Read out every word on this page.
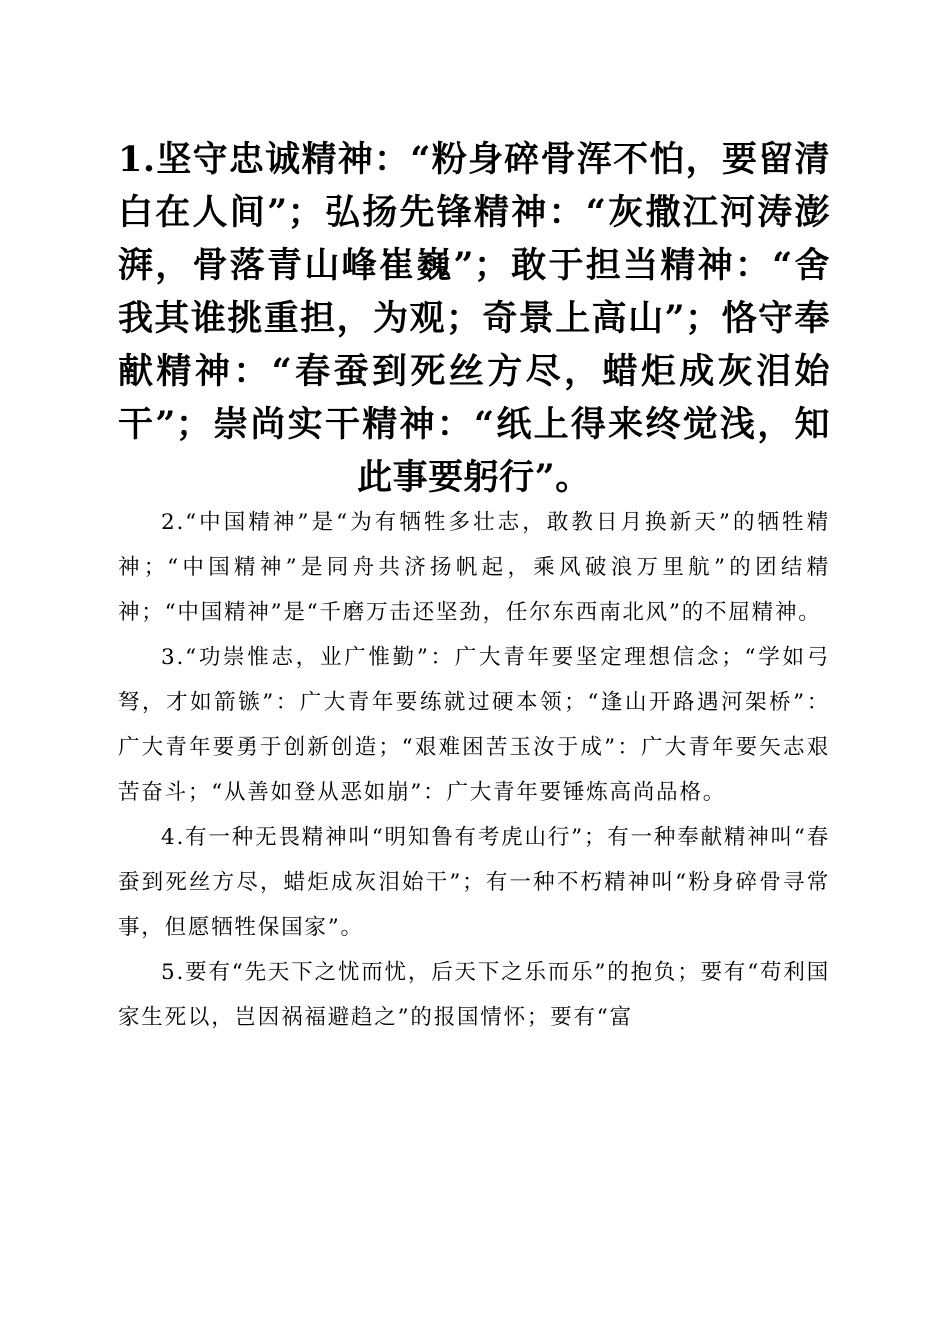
1.坚守忠诚精神：“粉身碎骨浑不怕，要留清白在人间”；弘扬先锋精神：“灰撒江河涛澎湃，骨落青山峰崔巍”；敢于担当精神：“舍我其谁挑重担，为观；奇景上高山”；恪守奉献精神：“春蚕到死丝方尽，蜡炬成灰泪始干”；崇尚实干精神：“纸上得来终觉浅，知此事要躬行”。

2.“中国精神”是“为有牺牲多壮志，敢教日月换新天”的牺牲精神；“中国精神”是同舟共济扬帆起，乘风破浪万里航”的团结精神；“中国精神”是“千磨万击还坚劲，任尔东西南北风”的不屈精神。

3.“功崇惟志，业广惟勤”：广大青年要坚定理想信念；“学如弓弩，才如箭镞”：广大青年要练就过硬本领；“逢山开路遇河架桥”：广大青年要勇于创新创造；“艰难困苦玉汝于成”：广大青年要矢志艰苦奋斗；“从善如登从恶如崩”：广大青年要锤炼高尚品格。

4.有一种无畏精神叫“明知鲁有考虎山行”；有一种奉献精神叫“春蚕到死丝方尽，蜡炬成灰泪始干”；有一种不朽精神叫“粉身碎骨寻常事，但愿牺牲保国家”。

5.要有“先天下之忧而忧，后天下之乐而乐”的抱负；要有“苟利国家生死以，岂因祸福避趋之”的报国情怀；要有“富
